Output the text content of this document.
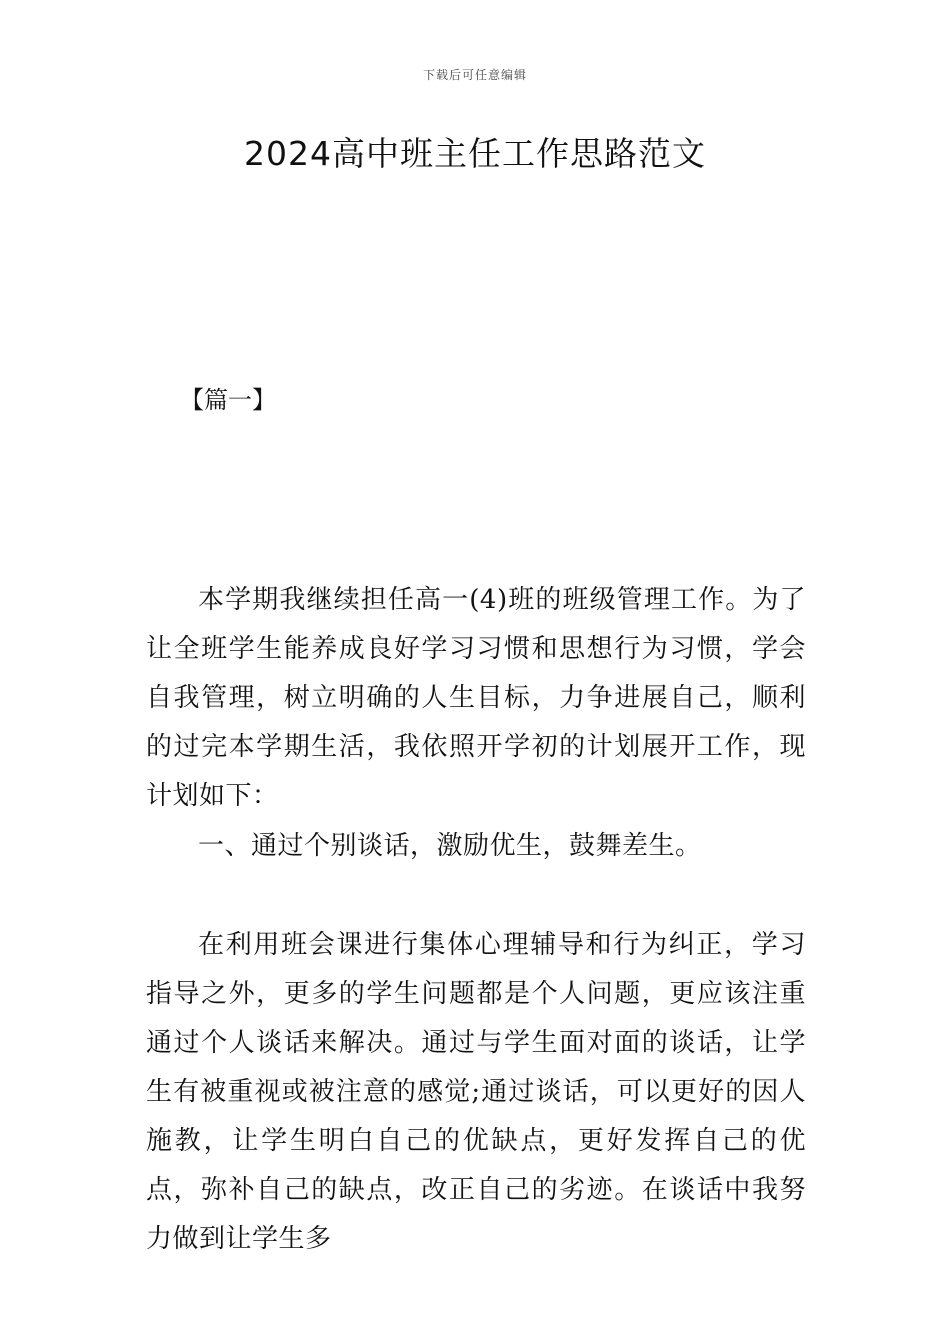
下载后可任意编辑
2024高中班主任工作思路范文
【篇一】

本学期我继续担任高一(4)班的班级管理工作。为了让全班学生能养成良好学习习惯和思想行为习惯，学会自我管理，树立明确的人生目标，力争进展自己，顺利的过完本学期生活，我依照开学初的计划展开工作，现计划如下：

一、通过个别谈话，激励优生，鼓舞差生。

在利用班会课进行集体心理辅导和行为纠正，学习指导之外，更多的学生问题都是个人问题，更应该注重通过个人谈话来解决。通过与学生面对面的谈话，让学生有被重视或被注意的感觉;通过谈话，可以更好的因人施教，让学生明白自己的优缺点，更好发挥自己的优点，弥补自己的缺点，改正自己的劣迹。在谈话中我努力做到让学生多
